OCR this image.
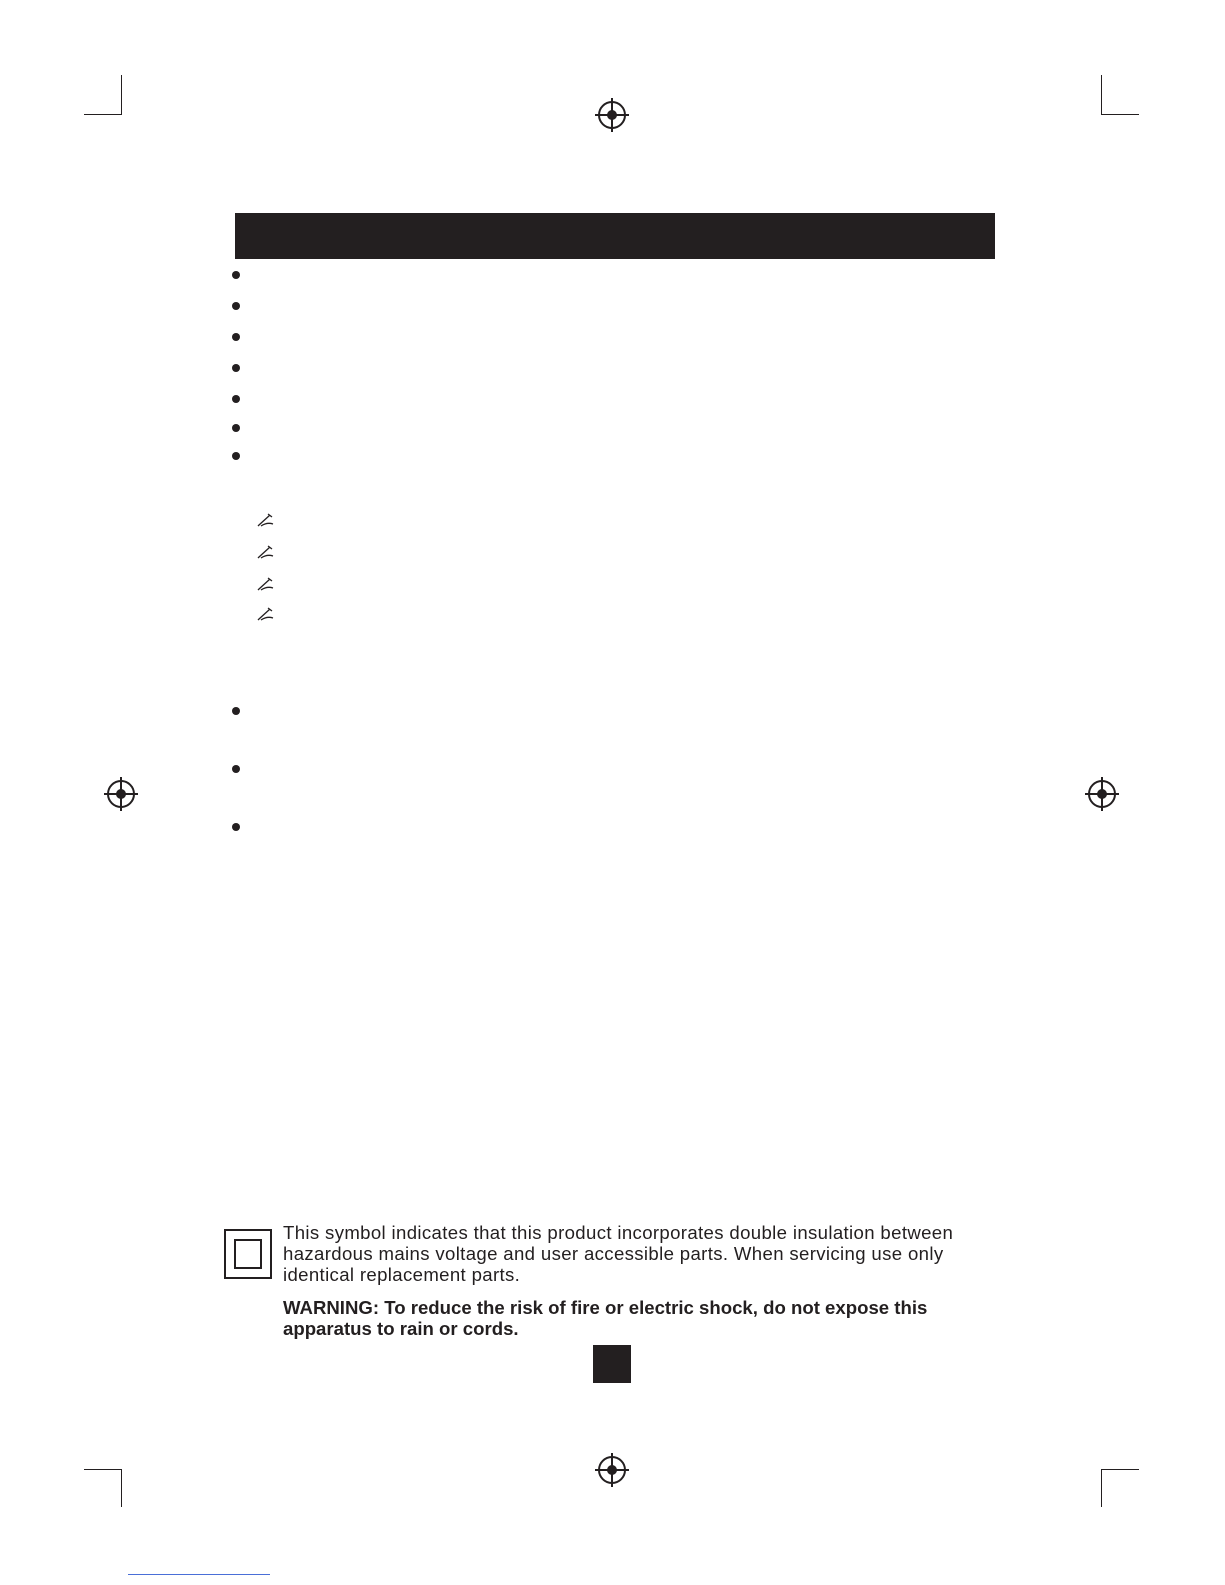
This symbol indicates that this product incorporates double insulation between hazardous mains voltage and user accessible parts. When servicing use only identical replacement parts.
WARNING: To reduce the risk of fire or electric shock, do not expose this apparatus to rain or cords.
